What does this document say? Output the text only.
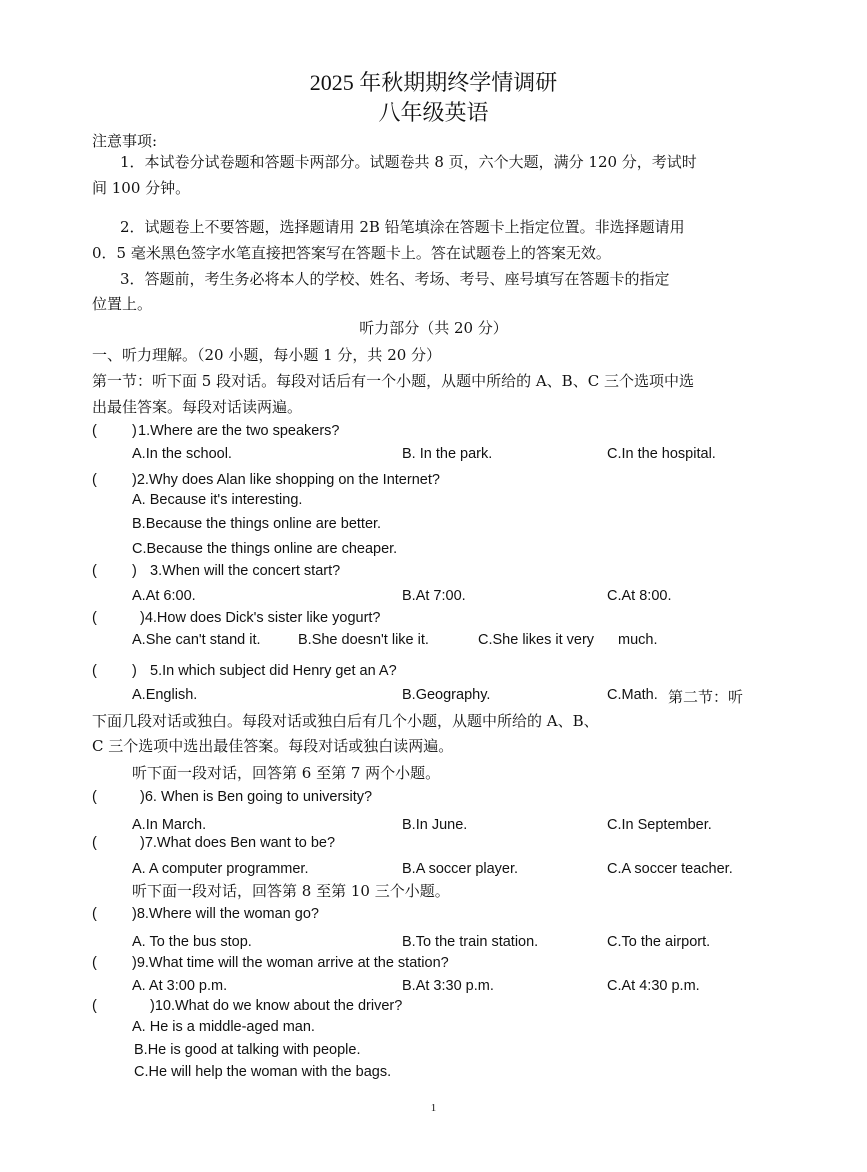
2025 年秋期期终学情调研
八年级英语
注意事项:
1．本试卷分试卷题和答题卡两部分。试题卷共 8 页，六个大题，满分 120 分，考试时
间 100 分钟。
2．试题卷上不要答题，选择题请用 2B 铅笔填涂在答题卡上指定位置。非选择题请用
0．5 毫米黑色签字水笔直接把答案写在答题卡上。答在试题卷上的答案无效。
3．答题前，考生务必将本人的学校、姓名、考场、考号、座号填写在答题卡的指定
位置上。
听力部分（共 20 分）
一、听力理解。（20 小题，每小题 1 分，共 20 分）
第一节：听下面 5 段对话。每段对话后有一个小题，从题中所给的 A、B、C 三个选项中选
出最佳答案。每段对话读两遍。
( ) 1.Where are the two speakers?
A.In the school.	B. In the park.	C.In the hospital.
( )2.Why does Alan like shopping on the Internet?
A. Because it's interesting.
B.Because the things online are better.
C.Because the things online are cheaper.
( ) 3.When will the concert start?
A.At 6:00.	B.At 7:00.	C.At 8:00.
(	)4.How does Dick's sister like yogurt?
A.She can't stand it.	B.She doesn't like it.	C.She likes it very much.
( ) 5.In which subject did Henry get an A?
A.English.	B.Geography.	C.Math. 第二节：听
下面几段对话或独白。每段对话或独白后有几个小题，从题中所给的 A、B、
C 三个选项中选出最佳答案。每段对话或独白读两遍。
听下面一段对话，回答第 6 至第 7 两个小题。
(	)6. When is Ben going to university?
A.In March.	B.In June.	C.In September.
(	)7.What does Ben want to be?
A. A computer programmer.	B.A soccer player.	C.A soccer teacher.
听下面一段对话，回答第 8 至第 10 三个小题。
( )8.Where will the woman go?
A. To the bus stop.	B.To the train station.	C.To the airport.
( )9.What time will the woman arrive at the station?
A. At 3:00 p.m.	B.At 3:30 p.m.	C.At 4:30 p.m.
(	)10.What do we know about the driver?
A. He is a middle-aged man.
B.He is good at talking with people.
C.He will help the woman with the bags.
1
